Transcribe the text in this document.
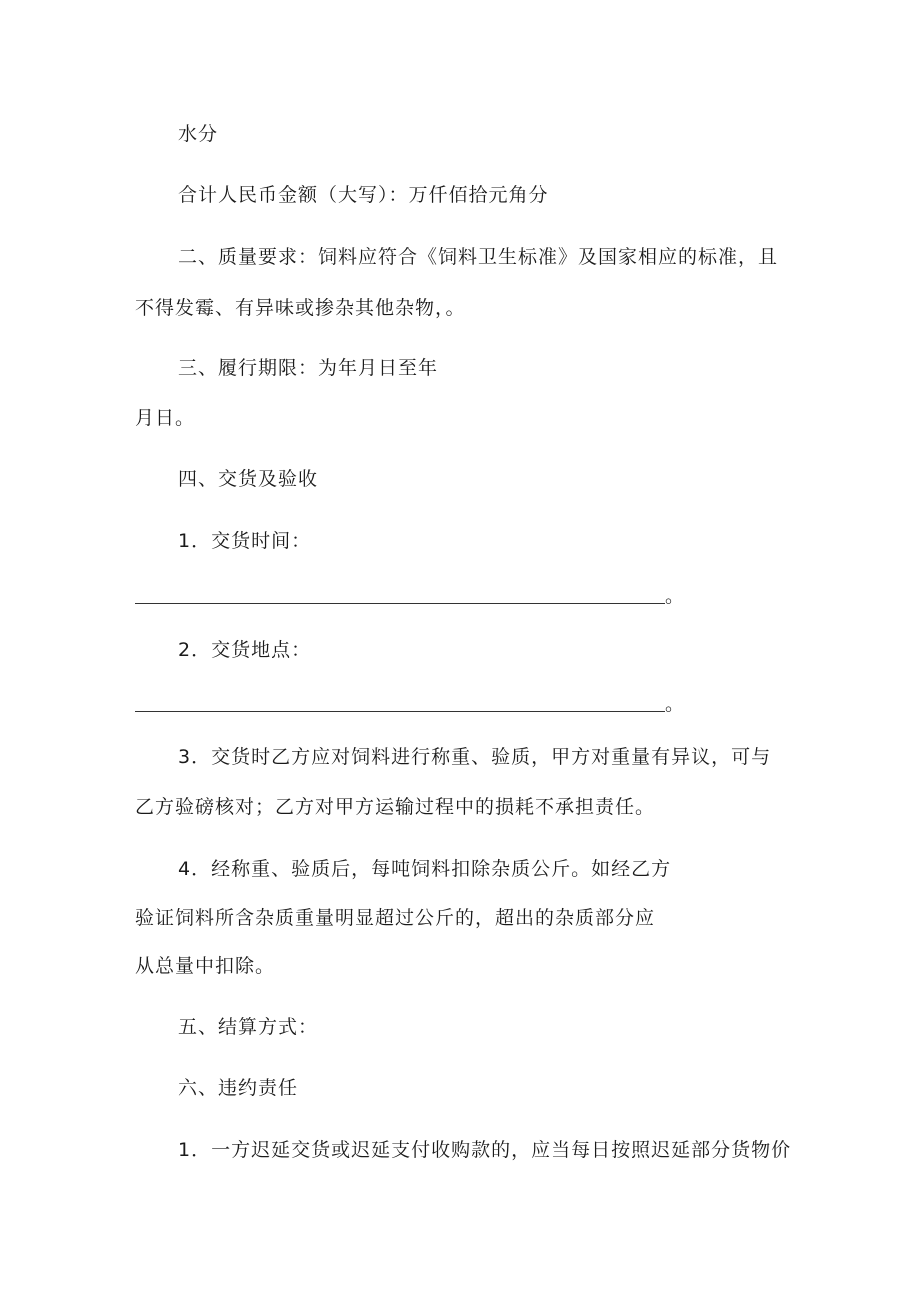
水分
合计人民币金额（大写）：万仟佰拾元角分
二、质量要求：饲料应符合《饲料卫生标准》及国家相应的标准，且
不得发霉、有异味或掺杂其他杂物，。
三、履行期限：为年月日至年
月日。
四、交货及验收
1．交货时间：
。
2．交货地点：
。
3．交货时乙方应对饲料进行称重、验质，甲方对重量有异议，可与
乙方验磅核对；乙方对甲方运输过程中的损耗不承担责任。
4．经称重、验质后，每吨饲料扣除杂质公斤。如经乙方
验证饲料所含杂质重量明显超过公斤的，超出的杂质部分应
从总量中扣除。
五、结算方式：
六、违约责任
1．一方迟延交货或迟延支付收购款的，应当每日按照迟延部分货物价
